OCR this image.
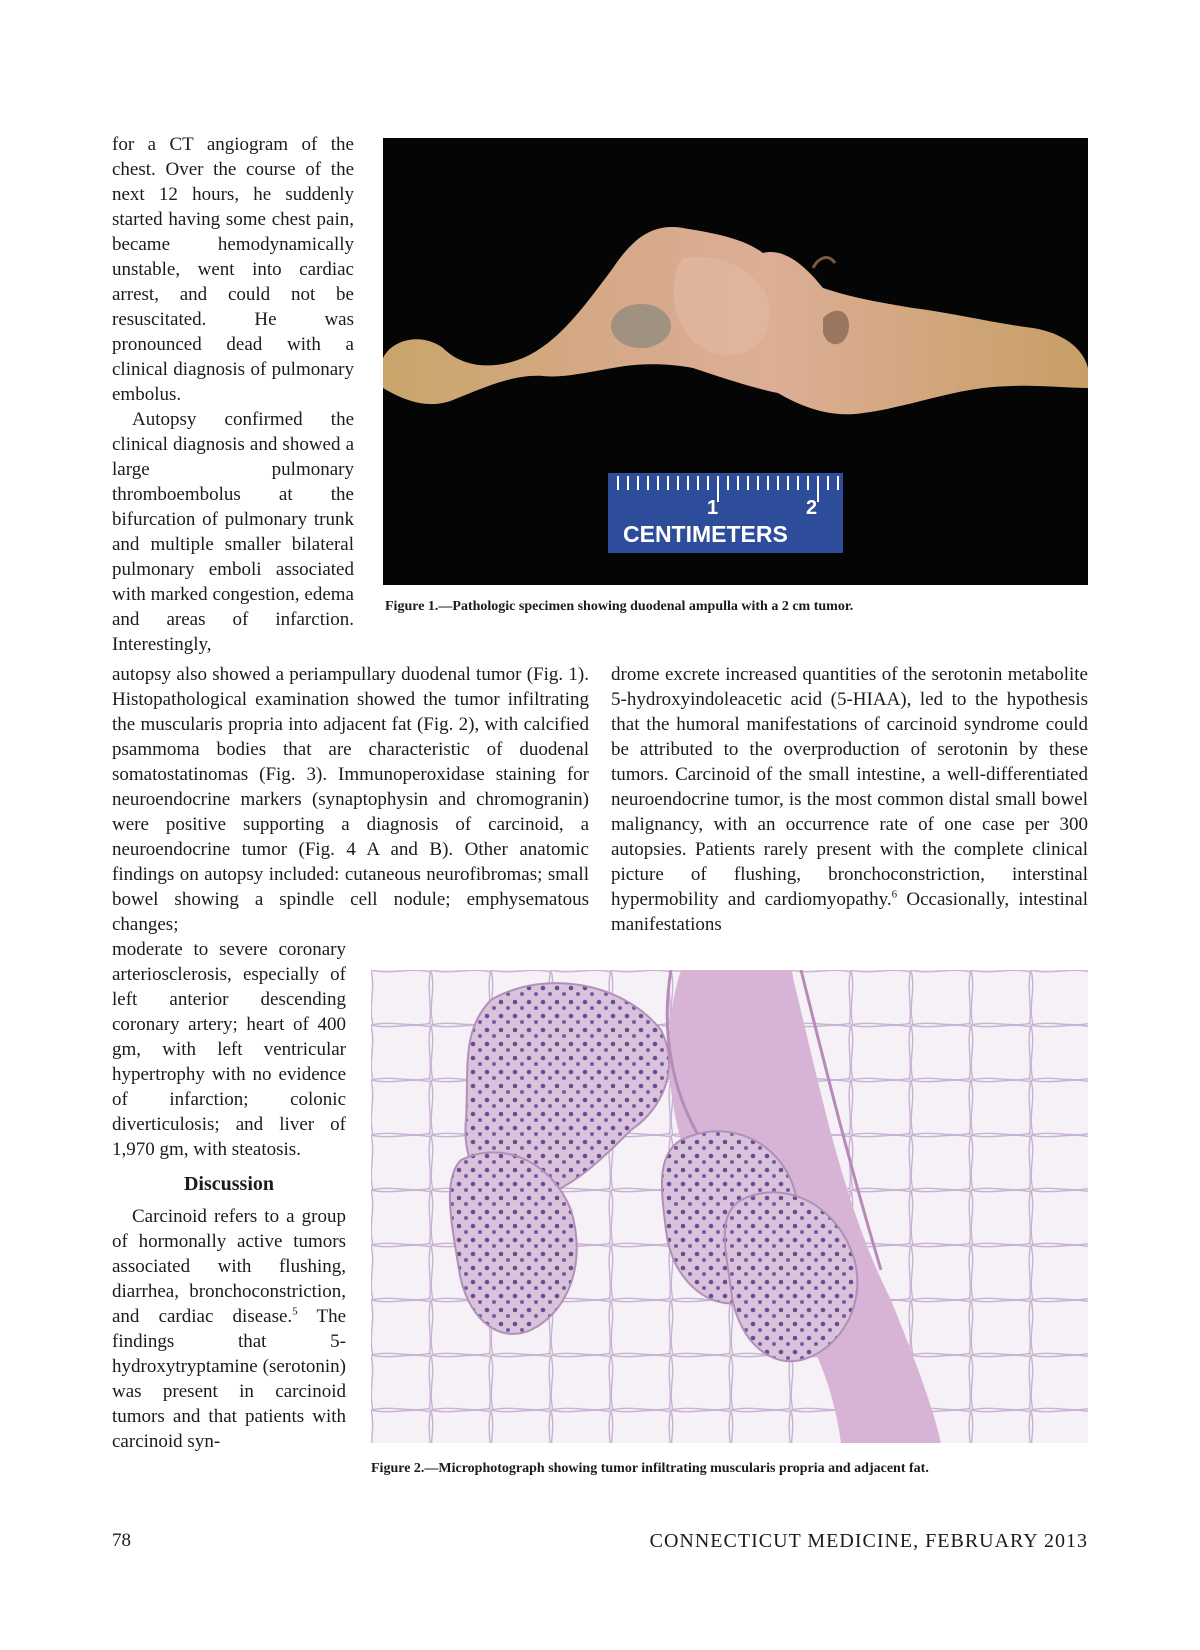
for a CT angiogram of the chest. Over the course of the next 12 hours, he suddenly started having some chest pain, became hemodynamically unstable, went into cardiac arrest, and could not be resuscitated. He was pronounced dead with a clinical diagnosis of pulmonary embolus.

Autopsy confirmed the clinical diagnosis and showed a large pulmonary thromboembolus at the bifurcation of pulmonary trunk and multiple smaller bilateral pulmonary emboli associated with marked congestion, edema and areas of infarction. Interestingly,

1	2
CENTIMETERS
Figure 1.—Pathologic specimen showing duodenal ampulla with a 2 cm tumor.

autopsy also showed a periampullary duodenal tumor (Fig. 1). Histopathological examination showed the tumor infiltrating the muscularis propria into adjacent fat (Fig. 2), with calcified psammoma bodies that are characteristic of duodenal somatostatinomas (Fig. 3). Immunoperoxidase staining for neuroendocrine markers (synaptophysin and chromogranin) were positive supporting a diagnosis of carcinoid, a neuroendocrine tumor (Fig. 4 A and B). Other anatomic findings on autopsy included: cutaneous neurofibromas; small bowel showing a spindle cell nodule; emphysematous changes;

drome excrete increased quantities of the serotonin metabolite 5-hydroxyindoleacetic acid (5-HIAA), led to the hypothesis that the humoral manifestations of carcinoid syndrome could be attributed to the overproduction of serotonin by these tumors. Carcinoid of the small intestine, a well-differentiated neuroendocrine tumor, is the most common distal small bowel malignancy, with an occurrence rate of one case per 300 autopsies. Patients rarely present with the complete clinical picture of flushing, bronchoconstriction, interstinal hypermobility and cardiomyopathy.$^6$ Occasionally, intestinal manifestations

moderate to severe coronary arteriosclerosis, especially of left anterior descending coronary artery; heart of 400 gm, with left ventricular hypertrophy with no evidence of infarction; colonic diverticulosis; and liver of 1,970 gm, with steatosis.

Discussion

Carcinoid refers to a group of hormonally active tumors associated with flushing, diarrhea, bronchoconstriction, and cardiac disease.$^5$ The findings that 5-hydroxytryptamine (serotonin) was present in carcinoid tumors and that patients with carcinoid syn-

Figure 2.—Microphotograph showing tumor infiltrating muscularis propria and adjacent fat.
78	CONNECTICUT MEDICINE, FEBRUARY 2013
